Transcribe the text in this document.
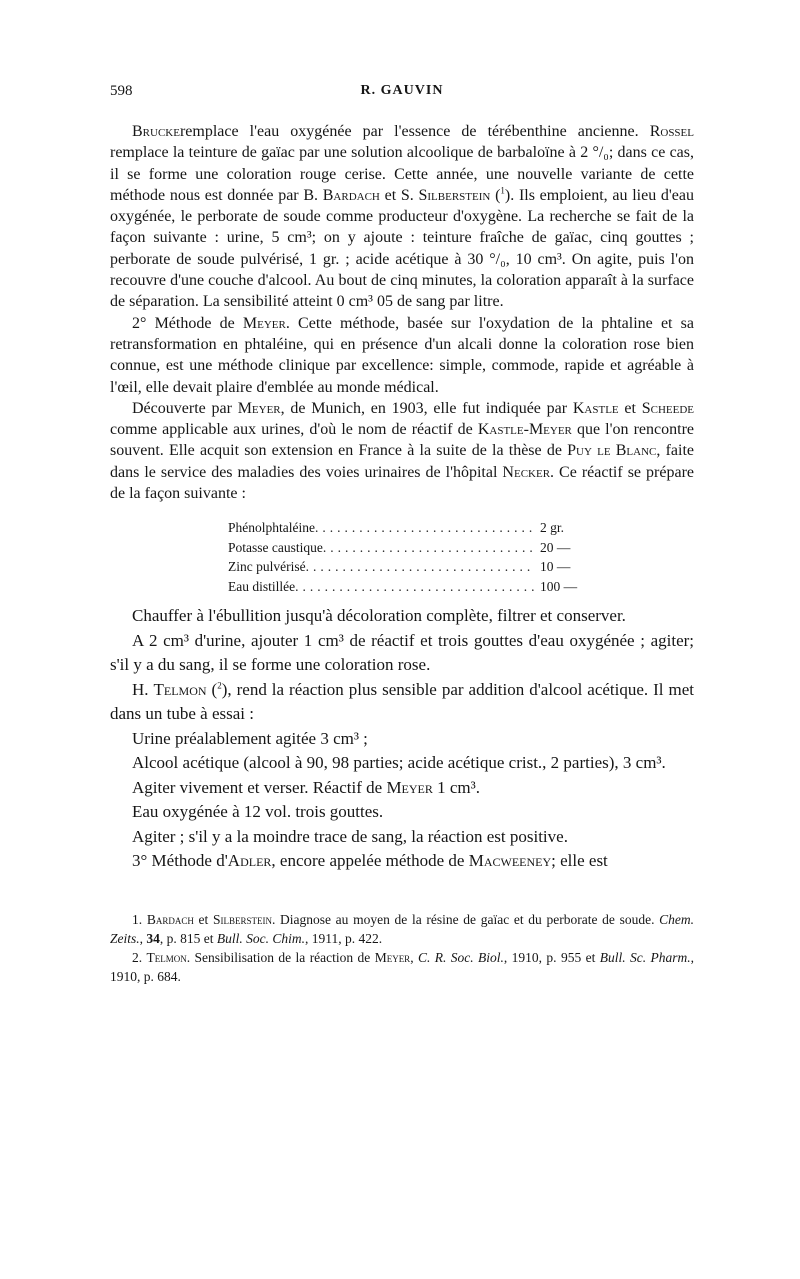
598	R. GAUVIN

Bruckeremplace l'eau oxygénée par l'essence de térébenthine ancienne. Rossel remplace la teinture de gaïac par une solution alcoolique de barbaloïne à 2 °/₀; dans ce cas, il se forme une coloration rouge cerise. Cette année, une nouvelle variante de cette méthode nous est donnée par B. Bardach et S. Silberstein ($^1$). Ils emploient, au lieu d'eau oxygénée, le perborate de soude comme producteur d'oxygène. La recherche se fait de la façon suivante : urine, 5 cm³; on y ajoute : teinture fraîche de gaïac, cinq gouttes ; perborate de soude pulvérisé, 1 gr. ; acide acétique à 30 °/₀, 10 cm³. On agite, puis l'on recouvre d'une couche d'alcool. Au bout de cinq minutes, la coloration apparaît à la surface de séparation. La sensibilité atteint 0 cm³ 05 de sang par litre.

2° Méthode de Meyer. Cette méthode, basée sur l'oxydation de la phtaline et sa retransformation en phtaléine, qui en présence d'un alcali donne la coloration rose bien connue, est une méthode clinique par excellence: simple, commode, rapide et agréable à l'œil, elle devait plaire d'emblée au monde médical.

Découverte par Meyer, de Munich, en 1903, elle fut indiquée par Kastle et Scheede comme applicable aux urines, d'où le nom de réactif de Kastle-Meyer que l'on rencontre souvent. Elle acquit son extension en France à la suite de la thèse de Puy le Blanc, faite dans le service des maladies des voies urinaires de l'hôpital Necker. Ce réactif se prépare de la façon suivante :

Phénolphtaléine .....	2 gr.
Potasse caustique .....	20 —
Zinc pulvérisé .....	10 —
Eau distillée .....	100 —

Chauffer à l'ébullition jusqu'à décoloration complète, filtrer et conserver.

A 2 cm³ d'urine, ajouter 1 cm³ de réactif et trois gouttes d'eau oxygénée ; agiter; s'il y a du sang, il se forme une coloration rose.

H. Telmon ($^2$), rend la réaction plus sensible par addition d'alcool acétique. Il met dans un tube à essai :

Urine préalablement agitée 3 cm³ ;

Alcool acétique (alcool à 90, 98 parties; acide acétique crist., 2 parties), 3 cm³.

Agiter vivement et verser. Réactif de Meyer 1 cm³.

Eau oxygénée à 12 vol. trois gouttes.

Agiter ; s'il y a la moindre trace de sang, la réaction est positive.

3° Méthode d'Adler, encore appelée méthode de Macweeney; elle est

1. Bardach et Silberstein. Diagnose au moyen de la résine de gaïac et du perborate de soude. Chem. Zeits., 34, p. 815 et Bull. Soc. Chim., 1911, p. 422.

2. Telmon. Sensibilisation de la réaction de Meyer, C. R. Soc. Biol., 1910, p. 955 et Bull. Sc. Pharm., 1910, p. 684.
